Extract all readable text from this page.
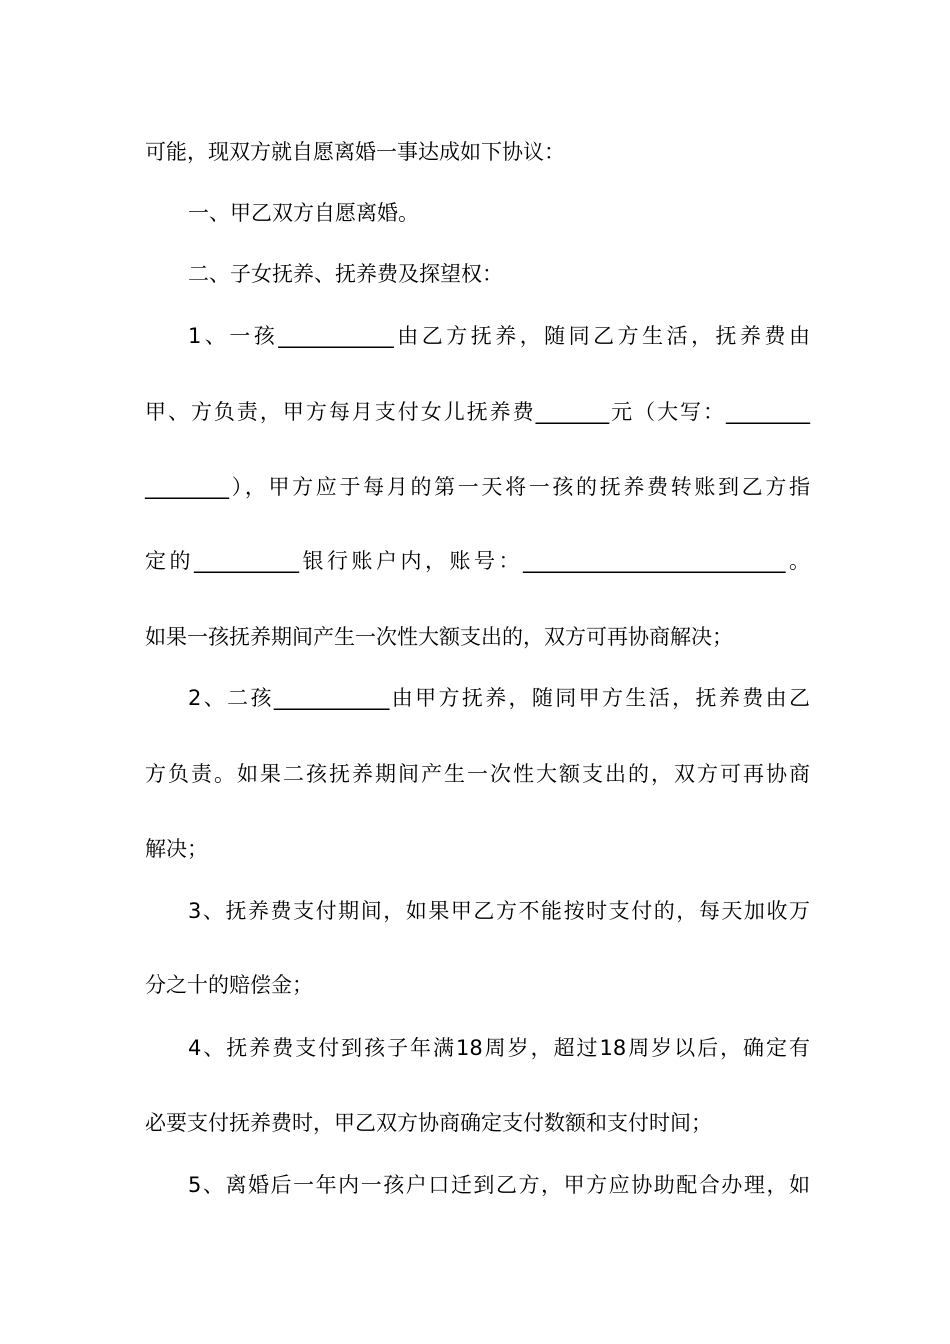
可能，现双方就自愿离婚一事达成如下协议：
一、甲乙双方自愿离婚。
二、子女抚养、抚养费及探望权：
1、一孩___________由乙方抚养，随同乙方生活，抚养费由
甲、方负责，甲方每月支付女儿抚养费_______元（大写：________
________），甲方应于每月的第一天将一孩的抚养费转账到乙方指
定的__________银行账户内，账号：_________________________。
如果一孩抚养期间产生一次性大额支出的，双方可再协商解决；
2、二孩___________由甲方抚养，随同甲方生活，抚养费由乙
方负责。如果二孩抚养期间产生一次性大额支出的，双方可再协商
解决；
3、抚养费支付期间，如果甲乙方不能按时支付的，每天加收万
分之十的赔偿金；
4、抚养费支付到孩子年满18周岁，超过18周岁以后，确定有
必要支付抚养费时，甲乙双方协商确定支付数额和支付时间；
5、离婚后一年内一孩户口迁到乙方，甲方应协助配合办理，如
